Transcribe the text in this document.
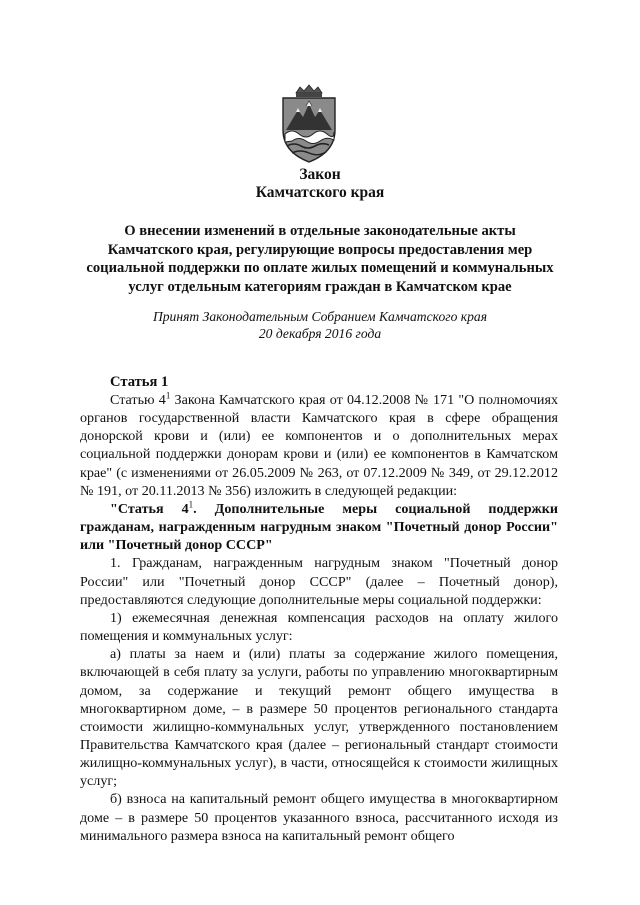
Закон
Камчатского края
О внесении изменений в отдельные законодательные акты
Камчатского края, регулирующие вопросы предоставления мер
социальной поддержки по оплате жилых помещений и коммунальных
услуг отдельным категориям граждан в Камчатском крае
Принят Законодательным Собранием Камчатского края
20 декабря 2016 года
Статья 1

Статью $4^1$ Закона Камчатского края от 04.12.2008 № 171 "О полномочиях органов государственной власти Камчатского края в сфере обращения донорской крови и (или) ее компонентов и о дополнительных мерах социальной поддержки донорам крови и (или) ее компонентов в Камчатском крае" (с изменениями от 26.05.2009 № 263, от 07.12.2009 № 349, от 29.12.2012 № 191, от 20.11.2013 № 356) изложить в следующей редакции:

"Статья $4^1$. Дополнительные меры социальной поддержки гражданам, награжденным нагрудным знаком "Почетный донор России" или "Почетный донор СССР"

1. Гражданам, награжденным нагрудным знаком "Почетный донор России" или "Почетный донор СССР" (далее – Почетный донор), предоставляются следующие дополнительные меры социальной поддержки:

1) ежемесячная денежная компенсация расходов на оплату жилого помещения и коммунальных услуг:

а) платы за наем и (или) платы за содержание жилого помещения, включающей в себя плату за услуги, работы по управлению многоквартирным домом, за содержание и текущий ремонт общего имущества в многоквартирном доме, – в размере 50 процентов регионального стандарта стоимости жилищно-коммунальных услуг, утвержденного постановлением Правительства Камчатского края (далее – региональный стандарт стоимости жилищно-коммунальных услуг), в части, относящейся к стоимости жилищных услуг;

б) взноса на капитальный ремонт общего имущества в многоквартирном доме – в размере 50 процентов указанного взноса, рассчитанного исходя из минимального размера взноса на капитальный ремонт общего
